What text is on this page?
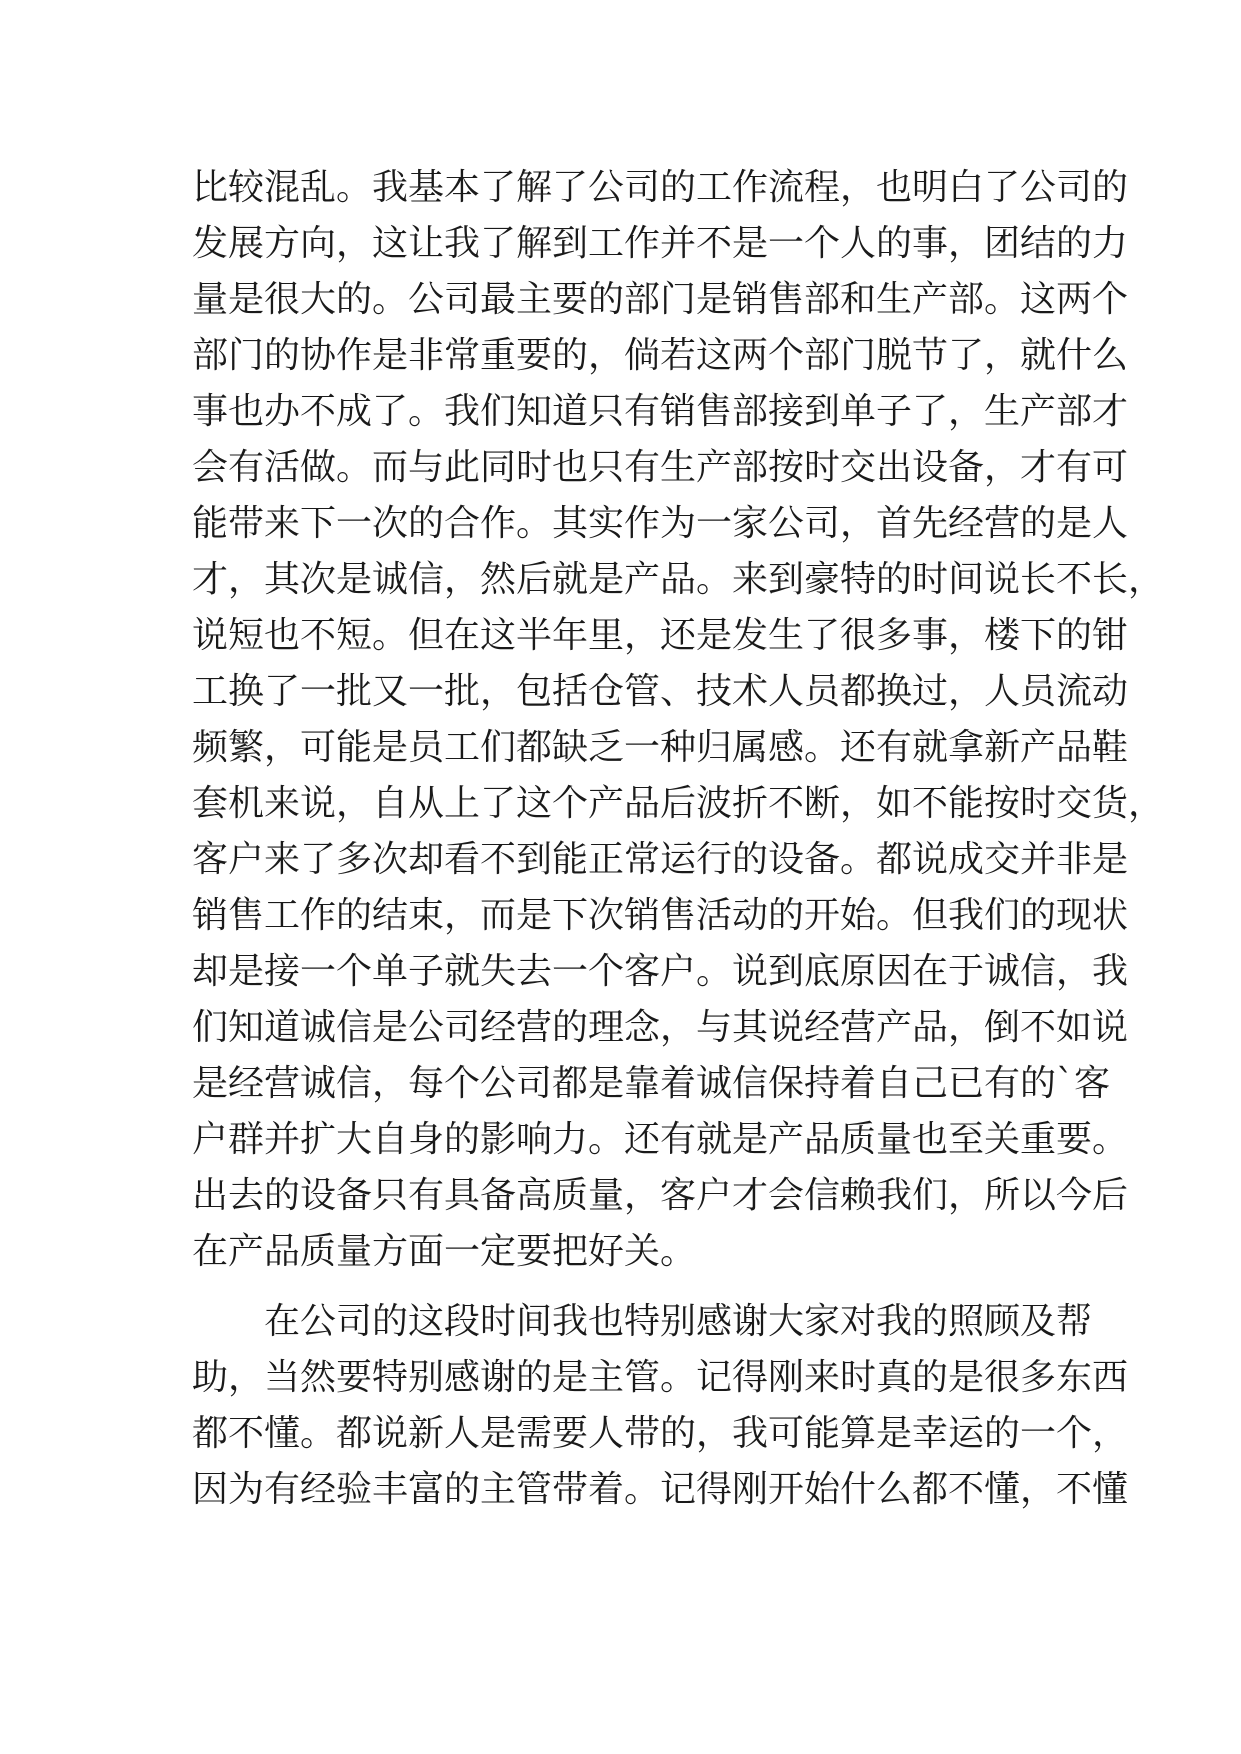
比较混乱。我基本了解了公司的工作流程，也明白了公司的
发展方向，这让我了解到工作并不是一个人的事，团结的力
量是很大的。公司最主要的部门是销售部和生产部。这两个
部门的协作是非常重要的，倘若这两个部门脱节了，就什么
事也办不成了。我们知道只有销售部接到单子了，生产部才
会有活做。而与此同时也只有生产部按时交出设备，才有可
能带来下一次的合作。其实作为一家公司，首先经营的是人
才，其次是诚信，然后就是产品。来到豪特的时间说长不长，
说短也不短。但在这半年里，还是发生了很多事，楼下的钳
工换了一批又一批，包括仓管、技术人员都换过，人员流动
频繁，可能是员工们都缺乏一种归属感。还有就拿新产品鞋
套机来说，自从上了这个产品后波折不断，如不能按时交货，
客户来了多次却看不到能正常运行的设备。都说成交并非是
销售工作的结束，而是下次销售活动的开始。但我们的现状
却是接一个单子就失去一个客户。说到底原因在于诚信，我
们知道诚信是公司经营的理念，与其说经营产品，倒不如说
是经营诚信，每个公司都是靠着诚信保持着自己已有的`客
户群并扩大自身的影响力。还有就是产品质量也至关重要。
出去的设备只有具备高质量，客户才会信赖我们，所以今后
在产品质量方面一定要把好关。
在公司的这段时间我也特别感谢大家对我的照顾及帮
助，当然要特别感谢的是主管。记得刚来时真的是很多东西
都不懂。都说新人是需要人带的，我可能算是幸运的一个，
因为有经验丰富的主管带着。记得刚开始什么都不懂，不懂
